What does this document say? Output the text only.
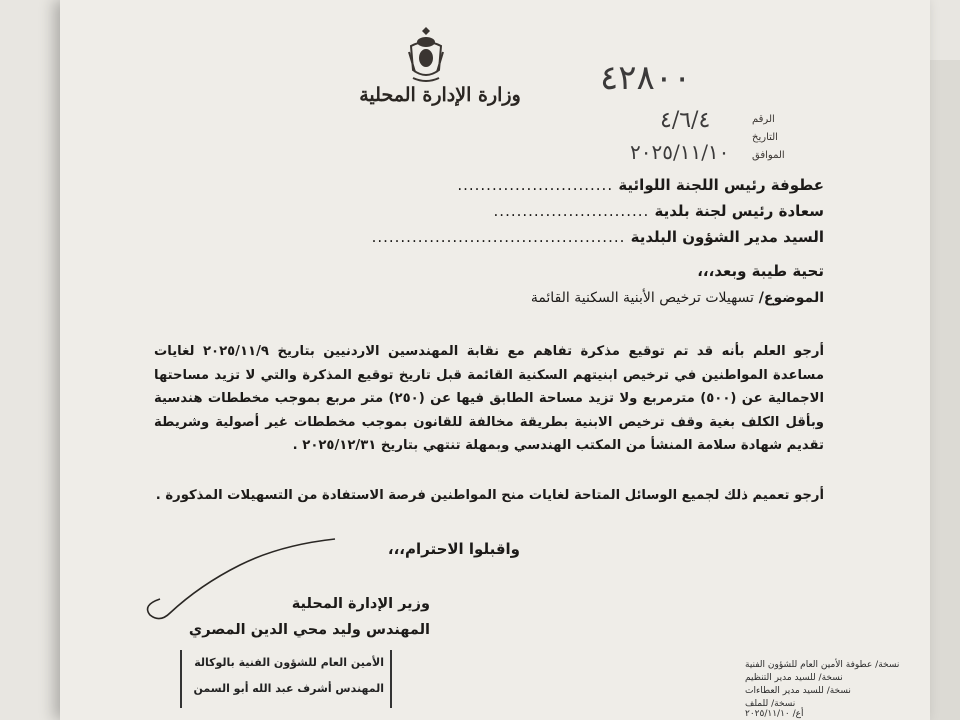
وزارة الإدارة المحلية
الرقم
التاريخ
الموافق
٤٢٨٠٠
٤/٦/٤
٢٠٢٥/١١/١٠
عطوفة رئيس اللجنة اللوائية ...........................
سعادة رئيس لجنة بلدية ...........................
السيد مدير الشؤون البلدية ............................................
تحية طيبة وبعد،،،
الموضوع/ تسهيلات ترخيص الأبنية السكنية القائمة
أرجو العلم بأنه قد تم توقيع مذكرة تفاهم مع نقابة المهندسين الاردنيين بتاريخ ٢٠٢٥/١١/٩ لغايات مساعدة المواطنين في ترخيص ابنيتهم السكنية القائمة قبل تاريخ توقيع المذكرة والتي لا تزيد مساحتها الاجمالية عن (٥٠٠) مترمربع ولا تزيد مساحة الطابق فيها عن (٢٥٠) متر مربع بموجب مخططات هندسية وبأقل الكلف بغية وقف ترخيص الابنية بطريقة مخالفة للقانون بموجب مخططات غير أصولية وشريطة تقديم شهادة سلامة المنشأ من المكتب الهندسي وبمهلة تنتهي بتاريخ ٢٠٢٥/١٢/٣١ .
أرجو تعميم ذلك لجميع الوسائل المتاحة لغايات منح المواطنين فرصة الاستفادة من التسهيلات المذكورة .
واقبلوا الاحترام،،،
وزير الإدارة المحلية
المهندس وليد محي الدين المصري
الأمين العام للشؤون الفنية بالوكالة
المهندس أشرف عبد الله أبو السمن
نسخة/ عطوفة الأمين العام للشؤون الفنية
نسخة/ للسيد مدير التنظيم
نسخة/ للسيد مدير العطاءات
نسخة/ للملف
أع/ ٢٠٢٥/١١/١٠
